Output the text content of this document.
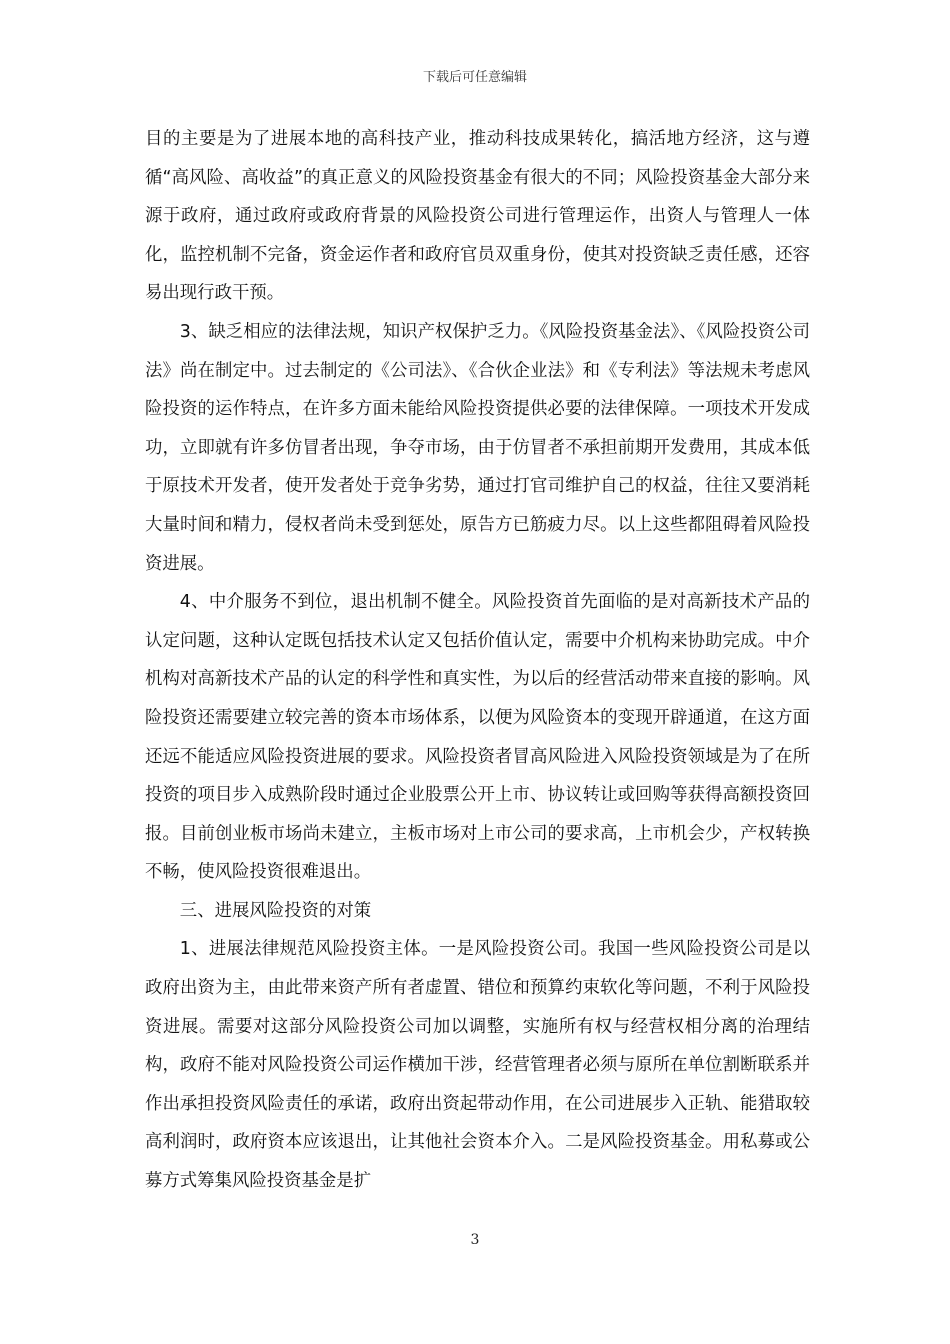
下载后可任意编辑

目的主要是为了进展本地的高科技产业，推动科技成果转化，搞活地方经济，这与遵循“高风险、高收益”的真正意义的风险投资基金有很大的不同；风险投资基金大部分来源于政府，通过政府或政府背景的风险投资公司进行管理运作，出资人与管理人一体化，监控机制不完备，资金运作者和政府官员双重身份，使其对投资缺乏责任感，还容易出现行政干预。

3、缺乏相应的法律法规，知识产权保护乏力。《风险投资基金法》、《风险投资公司法》尚在制定中。过去制定的《公司法》、《合伙企业法》和《专利法》等法规未考虑风险投资的运作特点，在许多方面未能给风险投资提供必要的法律保障。一项技术开发成功，立即就有许多仿冒者出现，争夺市场，由于仿冒者不承担前期开发费用，其成本低于原技术开发者，使开发者处于竞争劣势，通过打官司维护自己的权益，往往又要消耗大量时间和精力，侵权者尚未受到惩处，原告方已筋疲力尽。以上这些都阻碍着风险投资进展。

4、中介服务不到位，退出机制不健全。风险投资首先面临的是对高新技术产品的认定问题，这种认定既包括技术认定又包括价值认定，需要中介机构来协助完成。中介机构对高新技术产品的认定的科学性和真实性，为以后的经营活动带来直接的影响。风险投资还需要建立较完善的资本市场体系，以便为风险资本的变现开辟通道，在这方面还远不能适应风险投资进展的要求。风险投资者冒高风险进入风险投资领域是为了在所投资的项目步入成熟阶段时通过企业股票公开上市、协议转让或回购等获得高额投资回报。目前创业板市场尚未建立，主板市场对上市公司的要求高，上市机会少，产权转换不畅，使风险投资很难退出。

三、进展风险投资的对策

1、进展法律规范风险投资主体。一是风险投资公司。我国一些风险投资公司是以政府出资为主，由此带来资产所有者虚置、错位和预算约束软化等问题，不利于风险投资进展。需要对这部分风险投资公司加以调整，实施所有权与经营权相分离的治理结构，政府不能对风险投资公司运作横加干涉，经营管理者必须与原所在单位割断联系并作出承担投资风险责任的承诺，政府出资起带动作用，在公司进展步入正轨、能猎取较高利润时，政府资本应该退出，让其他社会资本介入。二是风险投资基金。用私募或公募方式筹集风险投资基金是扩

3
